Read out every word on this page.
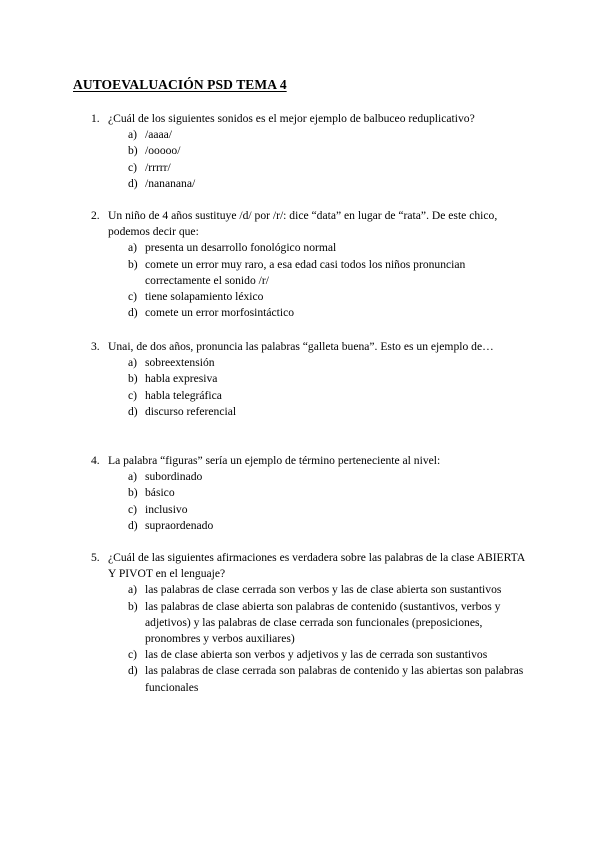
AUTOEVALUACIÓN PSD TEMA 4
1. ¿Cuál de los siguientes sonidos es el mejor ejemplo de balbuceo reduplicativo?
a) /aaaa/
b) /ooooo/
c) /rrrrr/
d) /nananana/
2. Un niño de 4 años sustituye /d/ por /r/: dice “data” en lugar de “rata”. De este chico, podemos decir que:
a) presenta un desarrollo fonológico normal
b) comete un error muy raro, a esa edad casi todos los niños pronuncian correctamente el sonido /r/
c) tiene solapamiento léxico
d) comete un error morfosintáctico
3. Unai, de dos años, pronuncia las palabras “galleta buena”. Esto es un ejemplo de…
a) sobreextensión
b) habla expresiva
c) habla telegráfica
d) discurso referencial
4. La palabra “figuras” sería un ejemplo de término perteneciente al nivel:
a) subordinado
b) básico
c) inclusivo
d) supraordenado
5. ¿Cuál de las siguientes afirmaciones es verdadera sobre las palabras de la clase ABIERTA Y PIVOT en el lenguaje?
a) las palabras de clase cerrada son verbos y las de clase abierta son sustantivos
b) las palabras de clase abierta son palabras de contenido (sustantivos, verbos y adjetivos) y las palabras de clase cerrada son funcionales (preposiciones, pronombres y verbos auxiliares)
c) las de clase abierta son verbos y adjetivos y las de cerrada son sustantivos
d) las palabras de clase cerrada son palabras de contenido y las abiertas son palabras funcionales
